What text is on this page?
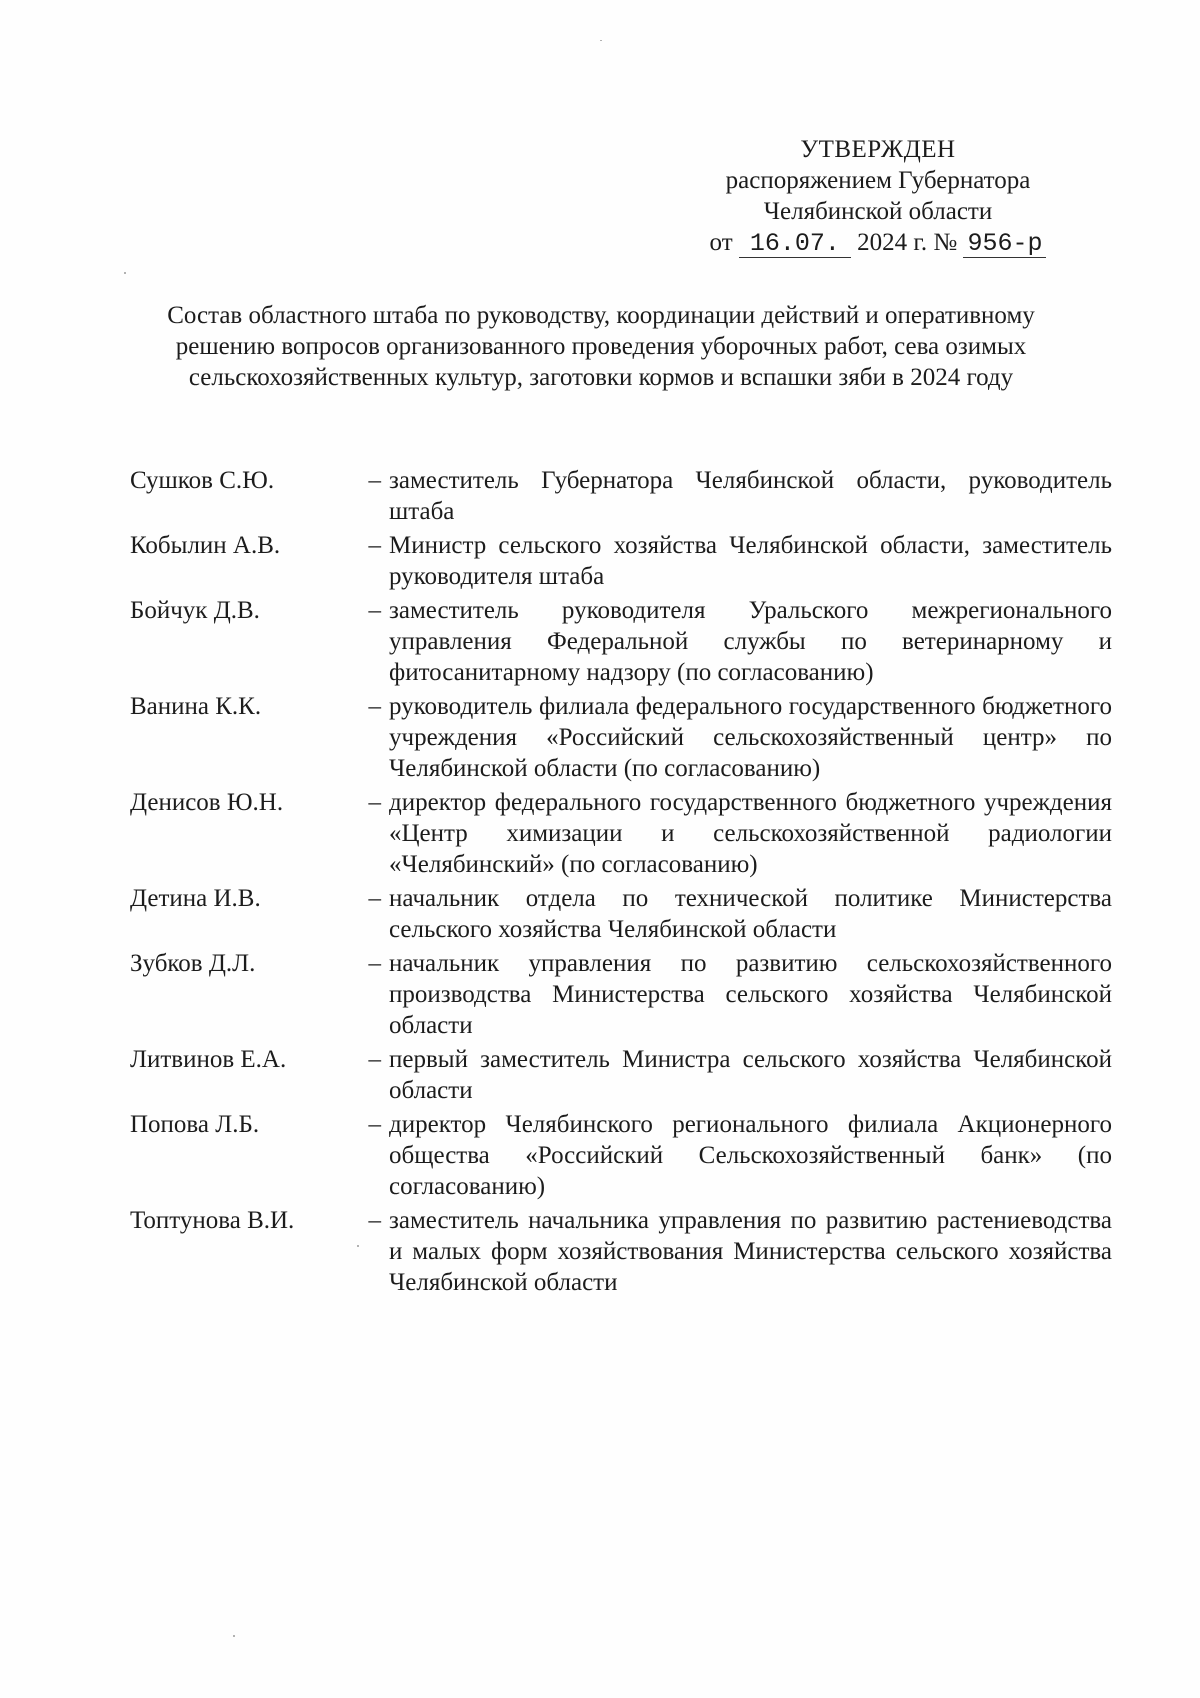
УТВЕРЖДЕН
распоряжением Губернатора
Челябинской области
от 16.07. 2024 г. № 956-р
Состав областного штаба по руководству, координации действий и оперативному решению вопросов организованного проведения уборочных работ, сева озимых сельскохозяйственных культур, заготовки кормов и вспашки зяби в 2024 году
Сушков С.Ю.	– заместитель Губернатора Челябинской области, руководитель штаба
Кобылин А.В.	– Министр сельского хозяйства Челябинской области, заместитель руководителя штаба
Бойчук Д.В.	– заместитель руководителя Уральского межрегионального управления Федеральной службы по ветеринарному и фитосанитарному надзору (по согласованию)
Ванина К.К.	– руководитель филиала федерального государственного бюджетного учреждения «Российский сельскохозяйственный центр» по Челябинской области (по согласованию)
Денисов Ю.Н.	– директор федерального государственного бюджетного учреждения «Центр химизации и сельскохозяйственной радиологии «Челябинский» (по согласованию)
Детина И.В.	– начальник отдела по технической политике Министерства сельского хозяйства Челябинской области
Зубков Д.Л.	– начальник управления по развитию сельскохозяйственного производства Министерства сельского хозяйства Челябинской области
Литвинов Е.А.	– первый заместитель Министра сельского хозяйства Челябинской области
Попова Л.Б.	– директор Челябинского регионального филиала Акционерного общества «Российский Сельскохозяйственный банк» (по согласованию)
Топтунова В.И.	– заместитель начальника управления по развитию растениеводства и малых форм хозяйствования Министерства сельского хозяйства Челябинской области
